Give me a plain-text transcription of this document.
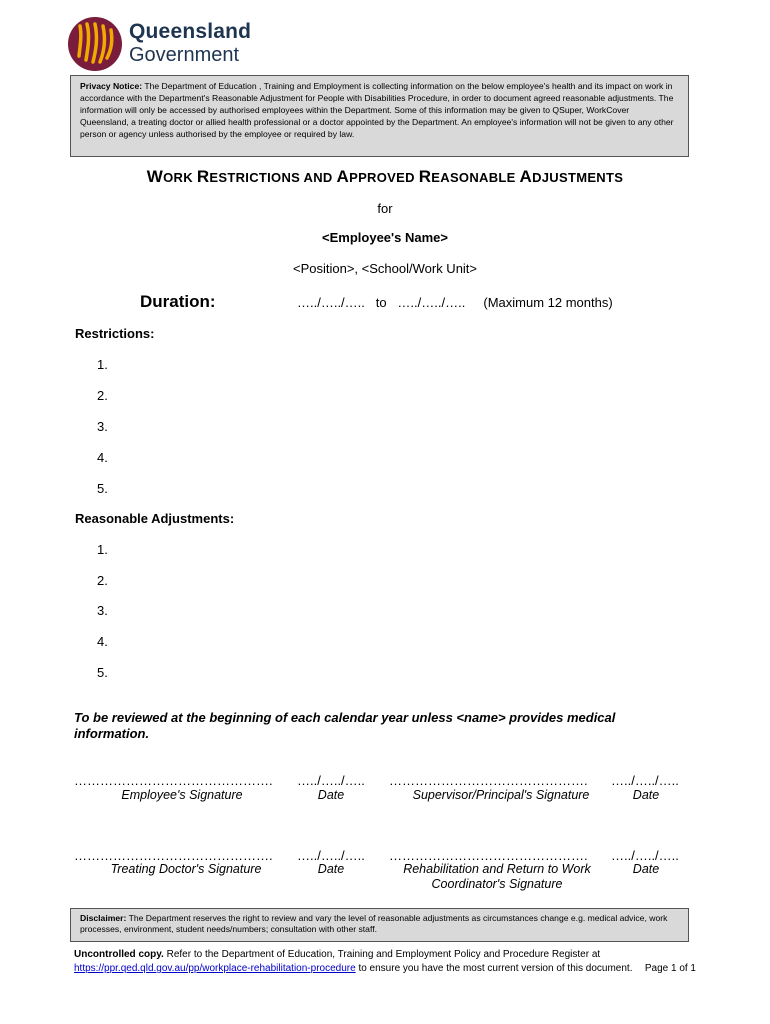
Queensland
Government
Privacy Notice: The Department of Education , Training and Employment is collecting information on the below employee's health and its impact on work in accordance with the Department's Reasonable Adjustment for People with Disabilities Procedure, in order to document agreed reasonable adjustments. The information will only be accessed by authorised employees within the Department. Some of this information may be given to QSuper, WorkCover Queensland, a treating doctor or allied health professional or a doctor appointed by the Department. An employee's information will not be given to any other person or agency unless authorised by the employee or required by law.
WORK RESTRICTIONS AND APPROVED REASONABLE ADJUSTMENTS
for
<Employee's Name>
<Position>, <School/Work Unit>
Duration:	…../…../…..   to   …../…../…..     (Maximum 12 months)
Restrictions:
1.
2.
3.
4.
5.
Reasonable Adjustments:
1.
2.
3.
4.
5.
To be reviewed at the beginning of each calendar year unless <name> provides medical information.
………………………………………. …../…../….. ………………………………………. …../…../…..
Employee's Signature	Date	Supervisor/Principal's Signature	Date
………………………………………. …../…../….. ………………………………………. …../…../…..
Treating Doctor's Signature	Date	Rehabilitation and Return to Work Coordinator's Signature
Date
Disclaimer: The Department reserves the right to review and vary the level of reasonable adjustments as circumstances change e.g. medical advice, work processes, environment, student needs/numbers; consultation with other staff.
Uncontrolled copy. Refer to the Department of Education, Training and Employment Policy and Procedure Register at
https://ppr.qed.qld.gov.au/pp/workplace-rehabilitation-procedure to ensure you have the most current version of this document. Page 1 of 1
